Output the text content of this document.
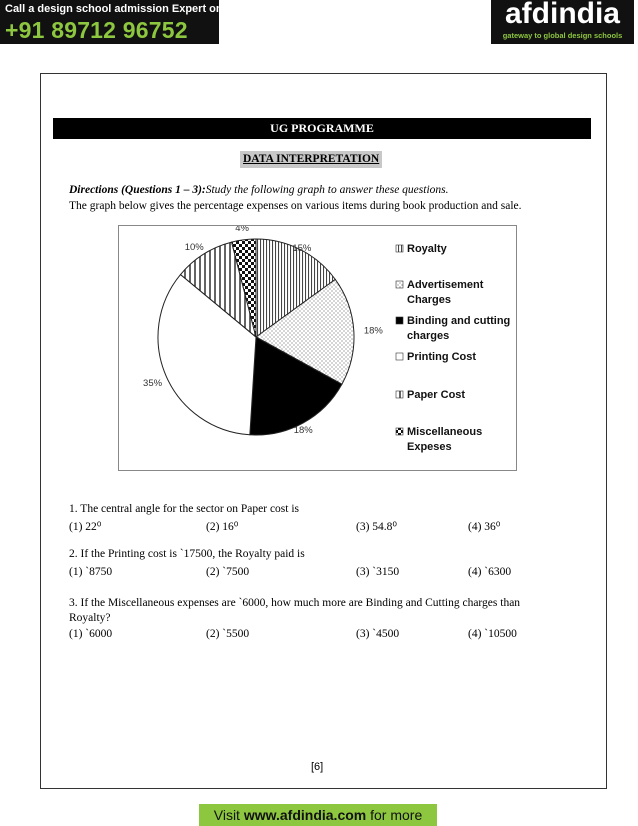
Call a design school admission Expert on
+91 89712 96752	afdindia
gateway to global design schools
UG PROGRAMME
DATA INTERPRETATION
Directions (Questions 1 – 3):Study the following graph to answer these questions.
The graph below gives the percentage expenses on various items during book production and sale.
15%
18%
18%
35%
10%
4%
Royalty
Advertisement
Charges
Binding and cutting
charges
Printing Cost
Paper Cost
Miscellaneous
Expeses
1. The central angle for the sector on Paper cost is
(1) 22⁰	(2) 16⁰	(3) 54.8⁰	(4) 36⁰
2. If the Printing cost is `17500, the Royalty paid is
(1) `8750	(2) `7500	(3) `3150	(4) `6300
3. If the Miscellaneous expenses are `6000, how much more are Binding and Cutting charges than
Royalty?
(1) `6000	(2) `5500	(3) `4500	(4) `10500
[6]
Visit www.afdindia.com for more
